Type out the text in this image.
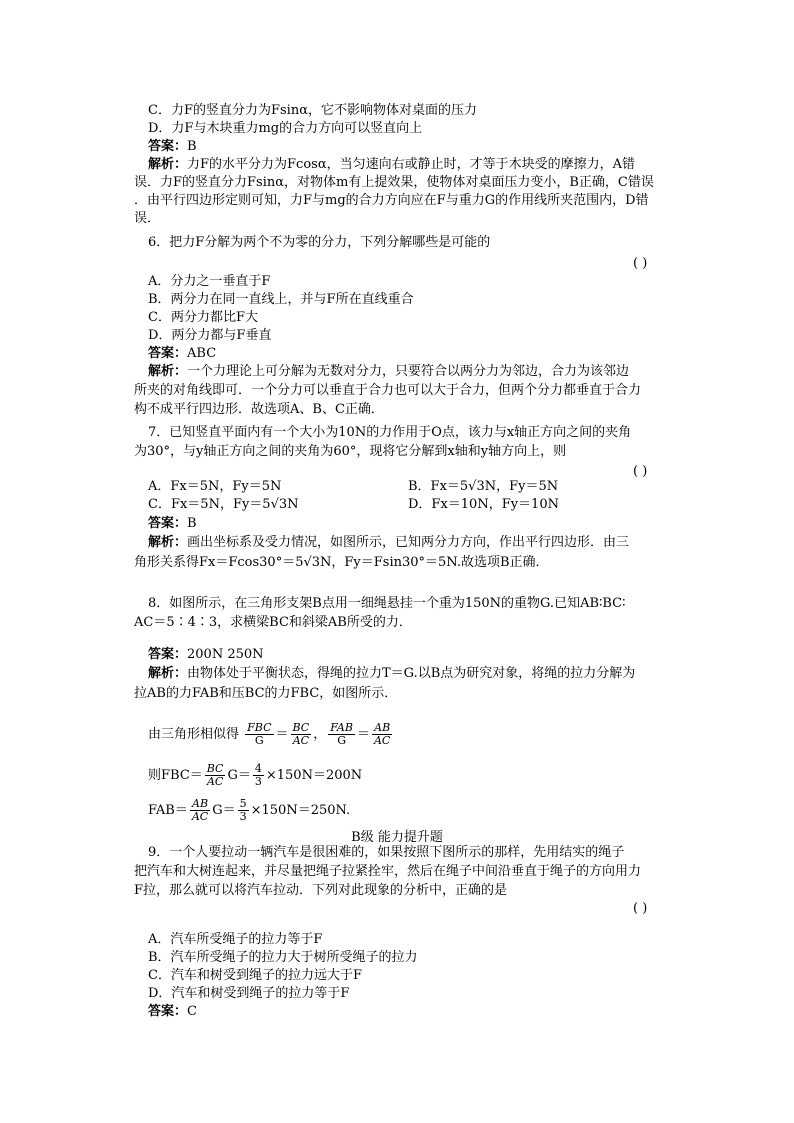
C．力F的竖直分力为Fsinα，它不影响物体对桌面的压力
D．力F与木块重力mg的合力方向可以竖直向上
答案：B
解析：力F的水平分力为Fcosα，当匀速向右或静止时，才等于木块受的摩擦力，A错
误．力F的竖直分力Fsinα，对物体m有上提效果，使物体对桌面压力变小，B正确，C错误
．由平行四边形定则可知，力F与mg的合力方向应在F与重力G的作用线所夹范围内，D错
误．
6．把力F分解为两个不为零的分力，下列分解哪些是可能的
( )
A．分力之一垂直于F
B．两分力在同一直线上，并与F所在直线重合
C．两分力都比F大
D．两分力都与F垂直
答案：ABC
解析：一个力理论上可分解为无数对分力，只要符合以两分力为邻边，合力为该邻边
所夹的对角线即可．一个分力可以垂直于合力也可以大于合力，但两个分力都垂直于合力
构不成平行四边形．故选项A、B、C正确．
7．已知竖直平面内有一个大小为10N的力作用于O点，该力与x轴正方向之间的夹角
为30°，与y轴正方向之间的夹角为60°，现将它分解到x轴和y轴方向上，则
( )
A．Fx＝5N，Fy＝5N	B．Fx＝5√3N，Fy＝5N
C．Fx＝5N，Fy＝5√3N	D．Fx＝10N，Fy＝10N
答案：B
解析：画出坐标系及受力情况，如图所示，已知两分力方向，作出平行四边形．由三
角形关系得Fx＝Fcos30°＝5√3N，Fy＝Fsin30°＝5N.故选项B正确．
8．如图所示，在三角形支架B点用一细绳悬挂一个重为150N的重物G.已知AB∶BC∶
AC＝5∶4∶3，求横梁BC和斜梁AB所受的力．
答案：200N 250N
解析：由物体处于平衡状态，得绳的拉力T＝G.以B点为研究对象，将绳的拉力分解为
拉AB的力FAB和压BC的力FBC，如图所示．
由三角形相似得 $\frac{\text{FBC}}{G} = \frac{BC}{AC}$ ， $\frac{\text{FAB}}{G} = \frac{AB}{AC}$
则$FBC= \frac{BC}{AC} G= \frac{4}{3} \times 150N=200N$
$FAB= \frac{AB}{AC} G= \frac{5}{3} \times 150N=250N$.
B级 能力提升题
9．一个人要拉动一辆汽车是很困难的，如果按照下图所示的那样，先用结实的绳子
把汽车和大树连起来，并尽量把绳子拉紧拴牢，然后在绳子中间沿垂直于绳子的方向用力
F拉，那么就可以将汽车拉动．下列对此现象的分析中，正确的是
( )
A．汽车所受绳子的拉力等于F
B．汽车所受绳子的拉力大于树所受绳子的拉力
C．汽车和树受到绳子的拉力远大于F
D．汽车和树受到绳子的拉力等于F
答案：C
